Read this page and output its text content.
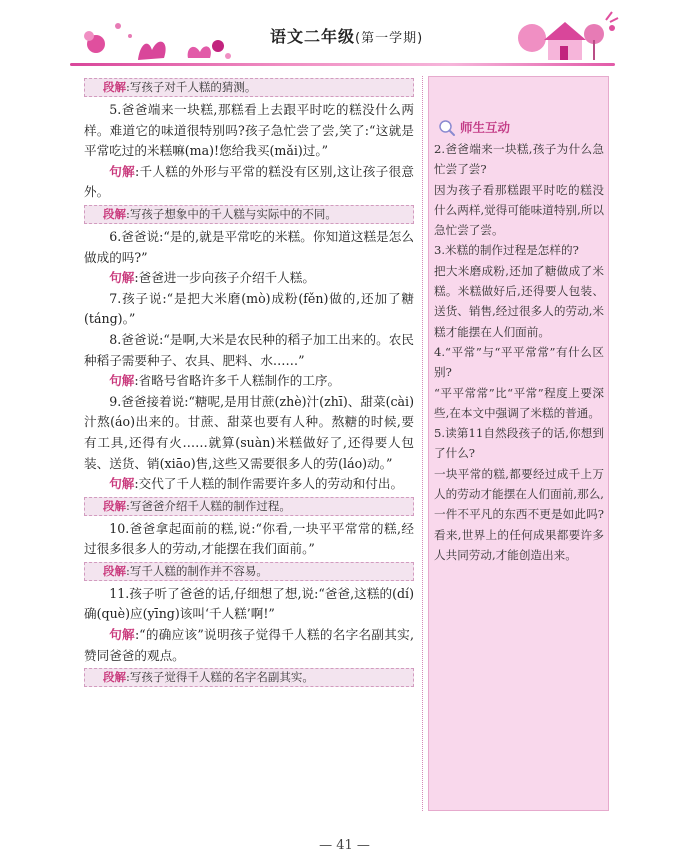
语文二年级(第一学期)
段解:写孩子对千人糕的猜测。

5.爸爸端来一块糕,那糕看上去跟平时吃的糕没什么两样。难道它的味道很特别吗?孩子急忙尝了尝,笑了:“这就是平常吃过的米糕嘛(ma)!您给我买(mǎi)过。”

句解:千人糕的外形与平常的糕没有区别,这让孩子很意外。

段解:写孩子想象中的千人糕与实际中的不同。

6.爸爸说:“是的,就是平常吃的米糕。你知道这糕是怎么做成的吗?”

句解:爸爸进一步向孩子介绍千人糕。

7.孩子说:“是把大米磨(mò)成粉(fěn)做的,还加了糖(táng)。”

8.爸爸说:“是啊,大米是农民种的稻子加工出来的。农民种稻子需要种子、农具、肥料、水……”

句解:省略号省略许多千人糕制作的工序。

9.爸爸接着说:“糖呢,是用甘蔗(zhè)汁(zhī)、甜菜(cài)汁熬(áo)出来的。甘蔗、甜菜也要有人种。熬糖的时候,要有工具,还得有火……就算(suàn)米糕做好了,还得要人包装、送货、销(xiāo)售,这些又需要很多人的劳(láo)动。”

句解:交代了千人糕的制作需要许多人的劳动和付出。

段解:写爸爸介绍千人糕的制作过程。

10.爸爸拿起面前的糕,说:“你看,一块平平常常的糕,经过很多很多人的劳动,才能摆在我们面前。”

段解:写千人糕的制作并不容易。

11.孩子听了爸爸的话,仔细想了想,说:“爸爸,这糕的(dí)确(què)应(yīng)该叫‘千人糕’啊!”

句解:“的确应该”说明孩子觉得千人糕的名字名副其实,赞同爸爸的观点。

段解:写孩子觉得千人糕的名字名副其实。
师生互动

2.爸爸端来一块糕,孩子为什么急忙尝了尝?

因为孩子看那糕跟平时吃的糕没什么两样,觉得可能味道特别,所以急忙尝了尝。

3.米糕的制作过程是怎样的?

把大米磨成粉,还加了糖做成了米糕。米糕做好后,还得要人包装、送货、销售,经过很多人的劳动,米糕才能摆在人们面前。

4.“平常”与“平平常常”有什么区别?

“平平常常”比“平常”程度上要深些,在本文中强调了米糕的普通。

5.读第11自然段孩子的话,你想到了什么?

一块平常的糕,都要经过成千上万人的劳动才能摆在人们面前,那么,一件不平凡的东西不更是如此吗?看来,世界上的任何成果都要许多人共同劳动,才能创造出来。

— 41 —
